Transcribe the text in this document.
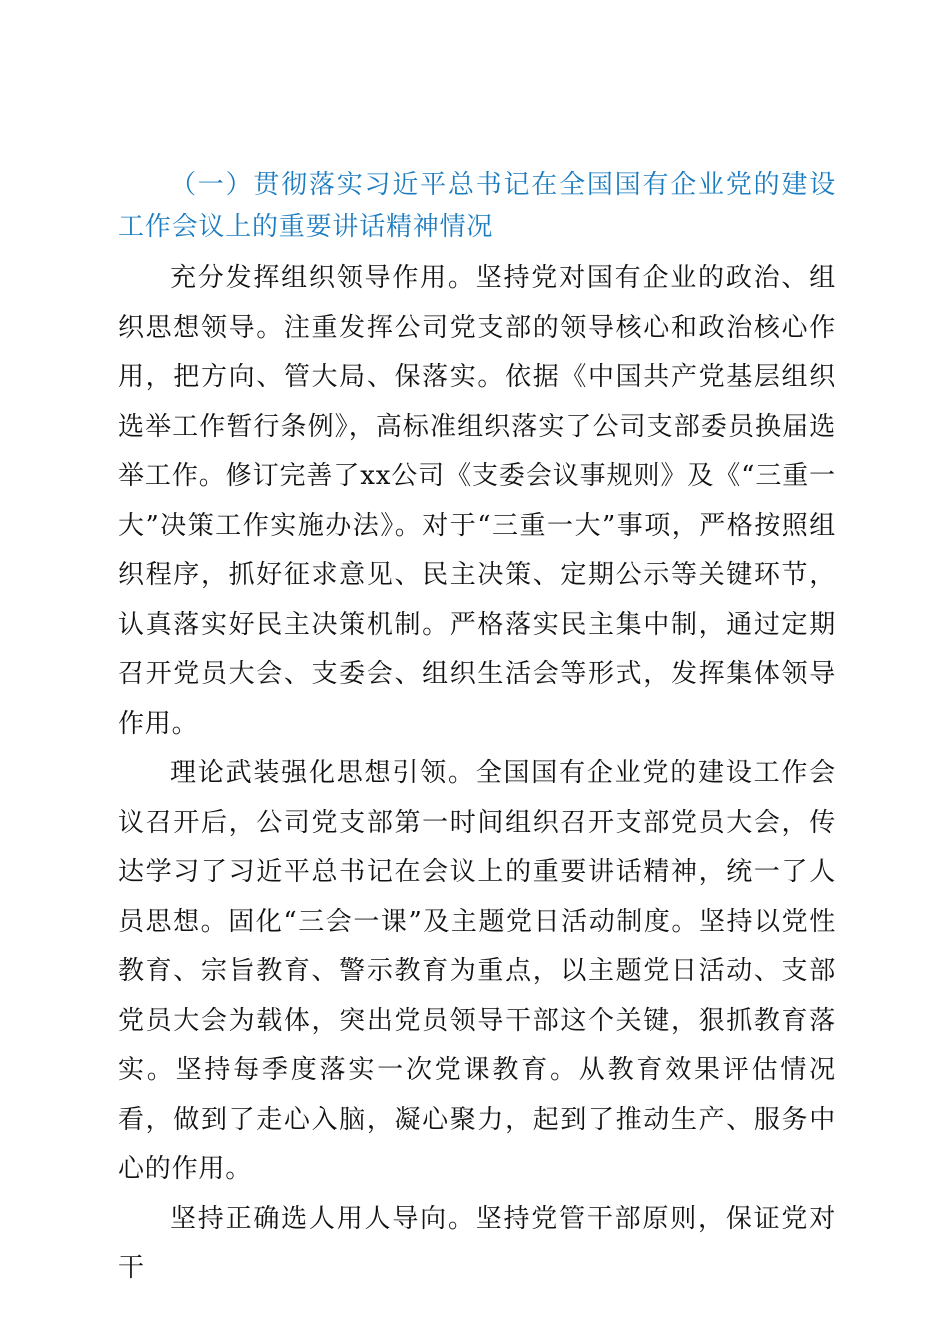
（一）贯彻落实习近平总书记在全国国有企业党的建设工作会议上的重要讲话精神情况

充分发挥组织领导作用。坚持党对国有企业的政治、组织思想领导。注重发挥公司党支部的领导核心和政治核心作用，把方向、管大局、保落实。依据《中国共产党基层组织选举工作暂行条例》，高标准组织落实了公司支部委员换届选举工作。修订完善了xx公司《支委会议事规则》及《“三重一大”决策工作实施办法》。对于“三重一大”事项，严格按照组织程序，抓好征求意见、民主决策、定期公示等关键环节，认真落实好民主决策机制。严格落实民主集中制，通过定期召开党员大会、支委会、组织生活会等形式，发挥集体领导作用。

理论武装强化思想引领。全国国有企业党的建设工作会议召开后，公司党支部第一时间组织召开支部党员大会，传达学习了习近平总书记在会议上的重要讲话精神，统一了人员思想。固化“三会一课”及主题党日活动制度。坚持以党性教育、宗旨教育、警示教育为重点，以主题党日活动、支部党员大会为载体，突出党员领导干部这个关键，狠抓教育落实。坚持每季度落实一次党课教育。从教育效果评估情况看，做到了走心入脑，凝心聚力，起到了推动生产、服务中心的作用。

坚持正确选人用人导向。坚持党管干部原则，保证党对干
